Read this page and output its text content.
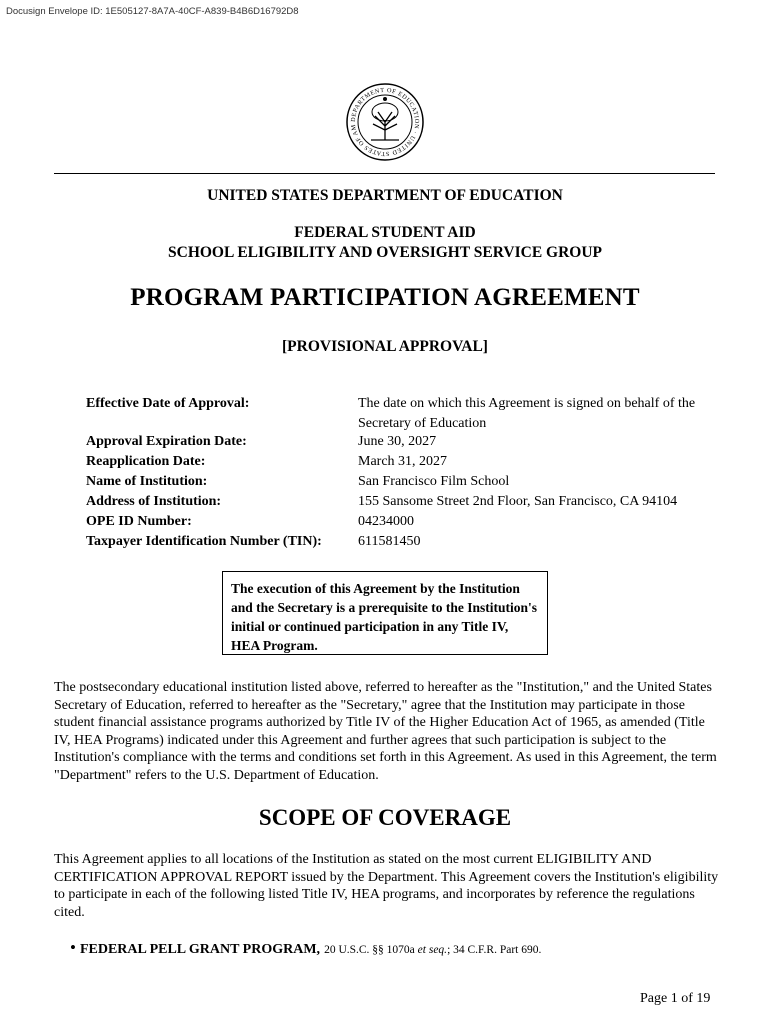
Docusign Envelope ID: 1E505127-8A7A-40CF-A839-B4B6D16792D8
DEPARTMENT OF EDUCATION · UNITED STATES OF AM
UNITED STATES DEPARTMENT OF EDUCATION
FEDERAL STUDENT AID
SCHOOL ELIGIBILITY AND OVERSIGHT SERVICE GROUP
PROGRAM PARTICIPATION AGREEMENT
[PROVISIONAL APPROVAL]
Effective Date of Approval:	The date on which this Agreement is signed on behalf of the Secretary of Education
Approval Expiration Date:	June 30, 2027
Reapplication Date:	March 31, 2027
Name of Institution:	San Francisco Film School
Address of Institution:	155 Sansome Street 2nd Floor, San Francisco, CA 94104
OPE ID Number:	04234000
Taxpayer Identification Number (TIN):	611581450
The execution of this Agreement by the Institution and the Secretary is a prerequisite to the Institution's initial or continued participation in any Title IV, HEA Program.
The postsecondary educational institution listed above, referred to hereafter as the "Institution," and the United States Secretary of Education, referred to hereafter as the "Secretary," agree that the Institution may participate in those student financial assistance programs authorized by Title IV of the Higher Education Act of 1965, as amended (Title IV, HEA Programs) indicated under this Agreement and further agrees that such participation is subject to the Institution's compliance with the terms and conditions set forth in this Agreement. As used in this Agreement, the term "Department" refers to the U.S. Department of Education.
SCOPE OF COVERAGE
This Agreement applies to all locations of the Institution as stated on the most current ELIGIBILITY AND CERTIFICATION APPROVAL REPORT issued by the Department. This Agreement covers the Institution's eligibility to participate in each of the following listed Title IV, HEA programs, and incorporates by reference the regulations cited.
• FEDERAL PELL GRANT PROGRAM, 20 U.S.C. §§ 1070a et seq.; 34 C.F.R. Part 690.
Page 1 of 19
